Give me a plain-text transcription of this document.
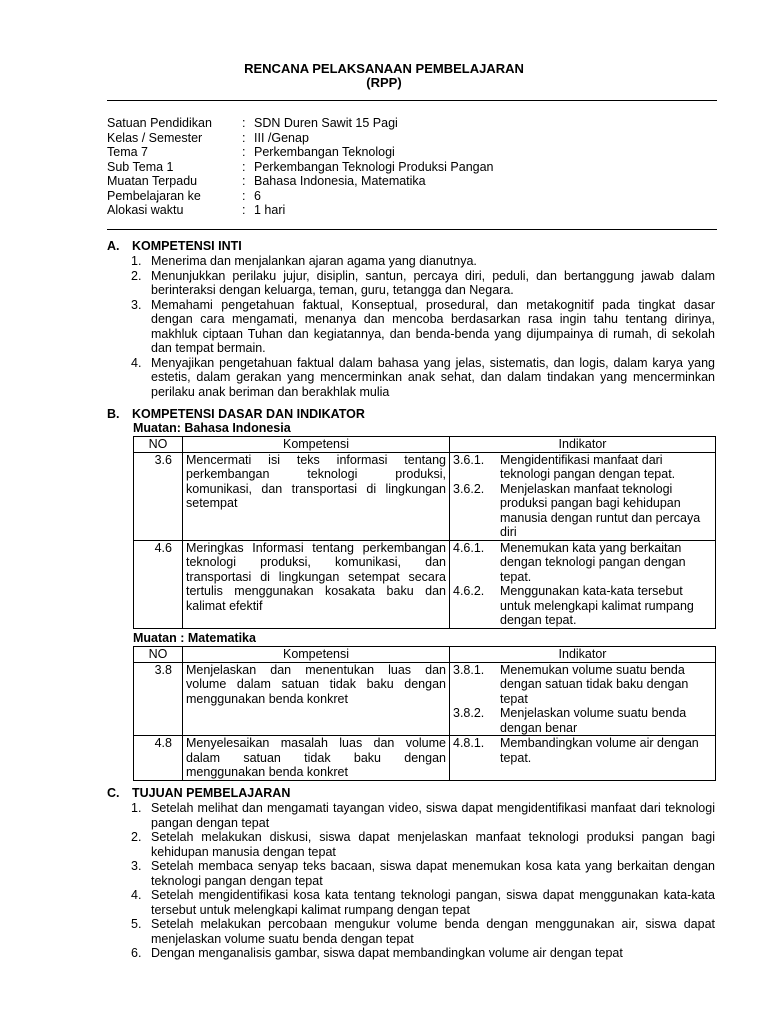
RENCANA PELAKSANAAN PEMBELAJARAN
(RPP)
Satuan Pendidikan	: SDN Duren Sawit 15 Pagi
Kelas / Semester	: III /Genap
Tema 7	: Perkembangan Teknologi
Sub Tema 1	: Perkembangan Teknologi Produksi Pangan
Muatan Terpadu	: Bahasa Indonesia, Matematika
Pembelajaran ke	: 6
Alokasi waktu	: 1 hari
A. KOMPETENSI INTI
1. Menerima dan menjalankan ajaran agama yang dianutnya.
2. Menunjukkan perilaku jujur, disiplin, santun, percaya diri, peduli, dan bertanggung jawab dalam berinteraksi dengan keluarga, teman, guru, tetangga dan Negara.
3. Memahami pengetahuan faktual, Konseptual, prosedural, dan metakognitif pada tingkat dasar dengan cara mengamati, menanya dan mencoba berdasarkan rasa ingin tahu tentang dirinya, makhluk ciptaan Tuhan dan kegiatannya, dan benda-benda yang dijumpainya di rumah, di sekolah dan tempat bermain.
4. Menyajikan pengetahuan faktual dalam bahasa yang jelas, sistematis, dan logis, dalam karya yang estetis, dalam gerakan yang mencerminkan anak sehat, dan dalam tindakan yang mencerminkan perilaku anak beriman dan berakhlak mulia
B. KOMPETENSI DASAR DAN INDIKATOR
Muatan: Bahasa Indonesia
NO	Kompetensi	Indikator
3.6	Mencermati isi teks informasi tentang perkembangan teknologi produksi, komunikasi, dan transportasi di lingkungan setempat	3.6.1. Mengidentifikasi manfaat dari teknologi pangan dengan tepat.
3.6.2. Menjelaskan manfaat teknologi produksi pangan bagi kehidupan manusia dengan runtut dan percaya diri

4.6	Meringkas Informasi tentang perkembangan teknologi produksi, komunikasi, dan transportasi di lingkungan setempat secara tertulis menggunakan kosakata baku dan kalimat efektif	4.6.1. Menemukan kata yang berkaitan dengan teknologi pangan dengan tepat.
4.6.2. Menggunakan kata-kata tersebut untuk melengkapi kalimat rumpang dengan tepat.
Muatan : Matematika
NO	Kompetensi	Indikator
3.8	Menjelaskan dan menentukan luas dan volume dalam satuan tidak baku dengan menggunakan benda konkret	3.8.1. Menemukan volume suatu benda dengan satuan tidak baku dengan tepat
3.8.2. Menjelaskan volume suatu benda dengan benar

4.8	Menyelesaikan masalah luas dan volume dalam satuan tidak baku dengan menggunakan benda konkret	4.8.1. Membandingkan volume air dengan tepat.
C. TUJUAN PEMBELAJARAN
1. Setelah melihat dan mengamati tayangan video, siswa dapat mengidentifikasi manfaat dari teknologi pangan dengan tepat
2. Setelah melakukan diskusi, siswa dapat menjelaskan manfaat teknologi produksi pangan bagi kehidupan manusia dengan tepat
3. Setelah membaca senyap teks bacaan, siswa dapat menemukan kosa kata yang berkaitan dengan teknologi pangan dengan tepat
4. Setelah mengidentifikasi kosa kata tentang teknologi pangan, siswa dapat menggunakan kata-kata tersebut untuk melengkapi kalimat rumpang dengan tepat
5. Setelah melakukan percobaan mengukur volume benda dengan menggunakan air, siswa dapat menjelaskan volume suatu benda dengan tepat
6. Dengan menganalisis gambar, siswa dapat membandingkan volume air dengan tepat
